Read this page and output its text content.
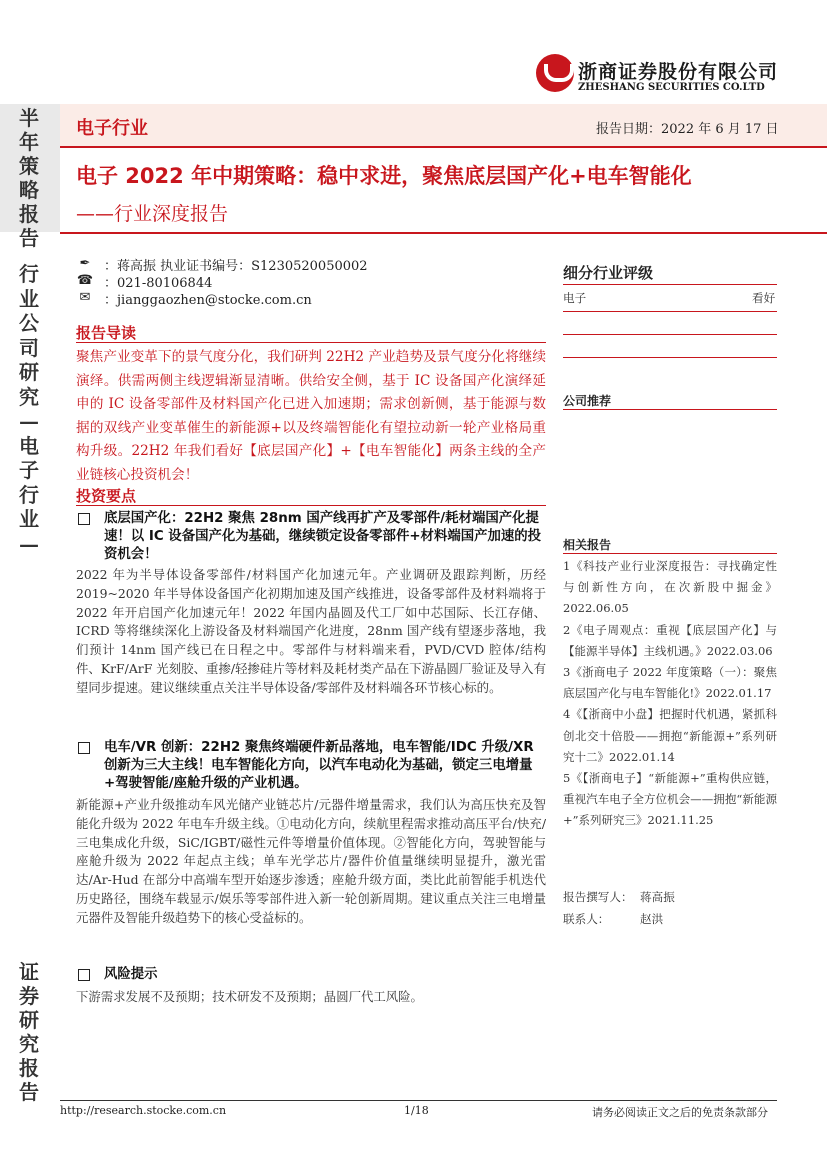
浙商证券股份有限公司
ZHESHANG SECURITIES CO.LTD
半
年
策
略
报
告
行
业
公
司
研
究
—
电
子
行
业
—
证
券
研
究
报
告
电子行业	报告日期：2022 年 6 月 17 日
电子 2022 年中期策略：稳中求进，聚焦底层国产化+电车智能化
——行业深度报告
✒ ：蒋高振 执业证书编号：S1230520050002
☎ ：021-80106844
✉ ：jianggaozhen@stocke.com.cn
报告导读
聚焦产业变革下的景气度分化，我们研判 22H2 产业趋势及景气度分化将继续演绎。供需两侧主线逻辑渐显清晰。供给安全侧，基于 IC 设备国产化演绎延申的 IC 设备零部件及材料国产化已进入加速期；需求创新侧，基于能源与数据的双线产业变革催生的新能源+以及终端智能化有望拉动新一轮产业格局重构升级。22H2 年我们看好【底层国产化】+【电车智能化】两条主线的全产业链核心投资机会！
投资要点
底层国产化：22H2 聚焦 28nm 国产线再扩产及零部件/耗材端国产化提速！以 IC 设备国产化为基础，继续锁定设备零部件+材料端国产加速的投资机会！
2022 年为半导体设备零部件/材料国产化加速元年。产业调研及跟踪判断，历经 2019~2020 年半导体设备国产化初期加速及国产线推进，设备零部件及材料端将于 2022 年开启国产化加速元年！2022 年国内晶圆及代工厂如中芯国际、长江存储、ICRD 等将继续深化上游设备及材料端国产化进度，28nm 国产线有望逐步落地，我们预计 14nm 国产线已在日程之中。零部件与材料端来看，PVD/CVD 腔体/结构件、KrF/ArF 光刻胶、重掺/轻掺硅片等材料及耗材类产品在下游晶圆厂验证及导入有望同步提速。建议继续重点关注半导体设备/零部件及材料端各环节核心标的。
电车/VR 创新：22H2 聚焦终端硬件新品落地，电车智能/IDC 升级/XR 创新为三大主线！电车智能化方向，以汽车电动化为基础，锁定三电增量+驾驶智能/座舱升级的产业机遇。
新能源+产业升级推动车风光储产业链芯片/元器件增量需求，我们认为高压快充及智能化升级为 2022 年电车升级主线。①电动化方向，续航里程需求推动高压平台/快充/三电集成化升级，SiC/IGBT/磁性元件等增量价值体现。②智能化方向，驾驶智能与座舱升级为 2022 年起点主线；单车光学芯片/器件价值量继续明显提升，激光雷达/Ar-Hud 在部分中高端车型开始逐步渗透；座舱升级方面，类比此前智能手机迭代历史路径，围绕车载显示/娱乐等零部件进入新一轮创新周期。建议重点关注三电增量元器件及智能升级趋势下的核心受益标的。
风险提示
下游需求发展不及预期；技术研发不及预期；晶圆厂代工风险。
细分行业评级
电子	看好
公司推荐
相关报告

1《科技产业行业深度报告：寻找确定性与创新性方向，在次新股中掘金》2022.06.05

2《电子周观点：重视【底层国产化】与【能源半导体】主线机遇。》2022.03.06

3《浙商电子 2022 年度策略（一）：聚焦底层国产化与电车智能化!》2022.01.17

4《【浙商中小盘】把握时代机遇，紧抓科创北交十倍股——拥抱“新能源+”系列研究十二》2022.01.14

5《【浙商电子】“新能源+”重构供应链，重视汽车电子全方位机会——拥抱“新能源+”系列研究三》2021.11.25

报告撰写人： 蒋高振
联系人：	赵洪
http://research.stocke.com.cn	1/18	请务必阅读正文之后的免责条款部分
